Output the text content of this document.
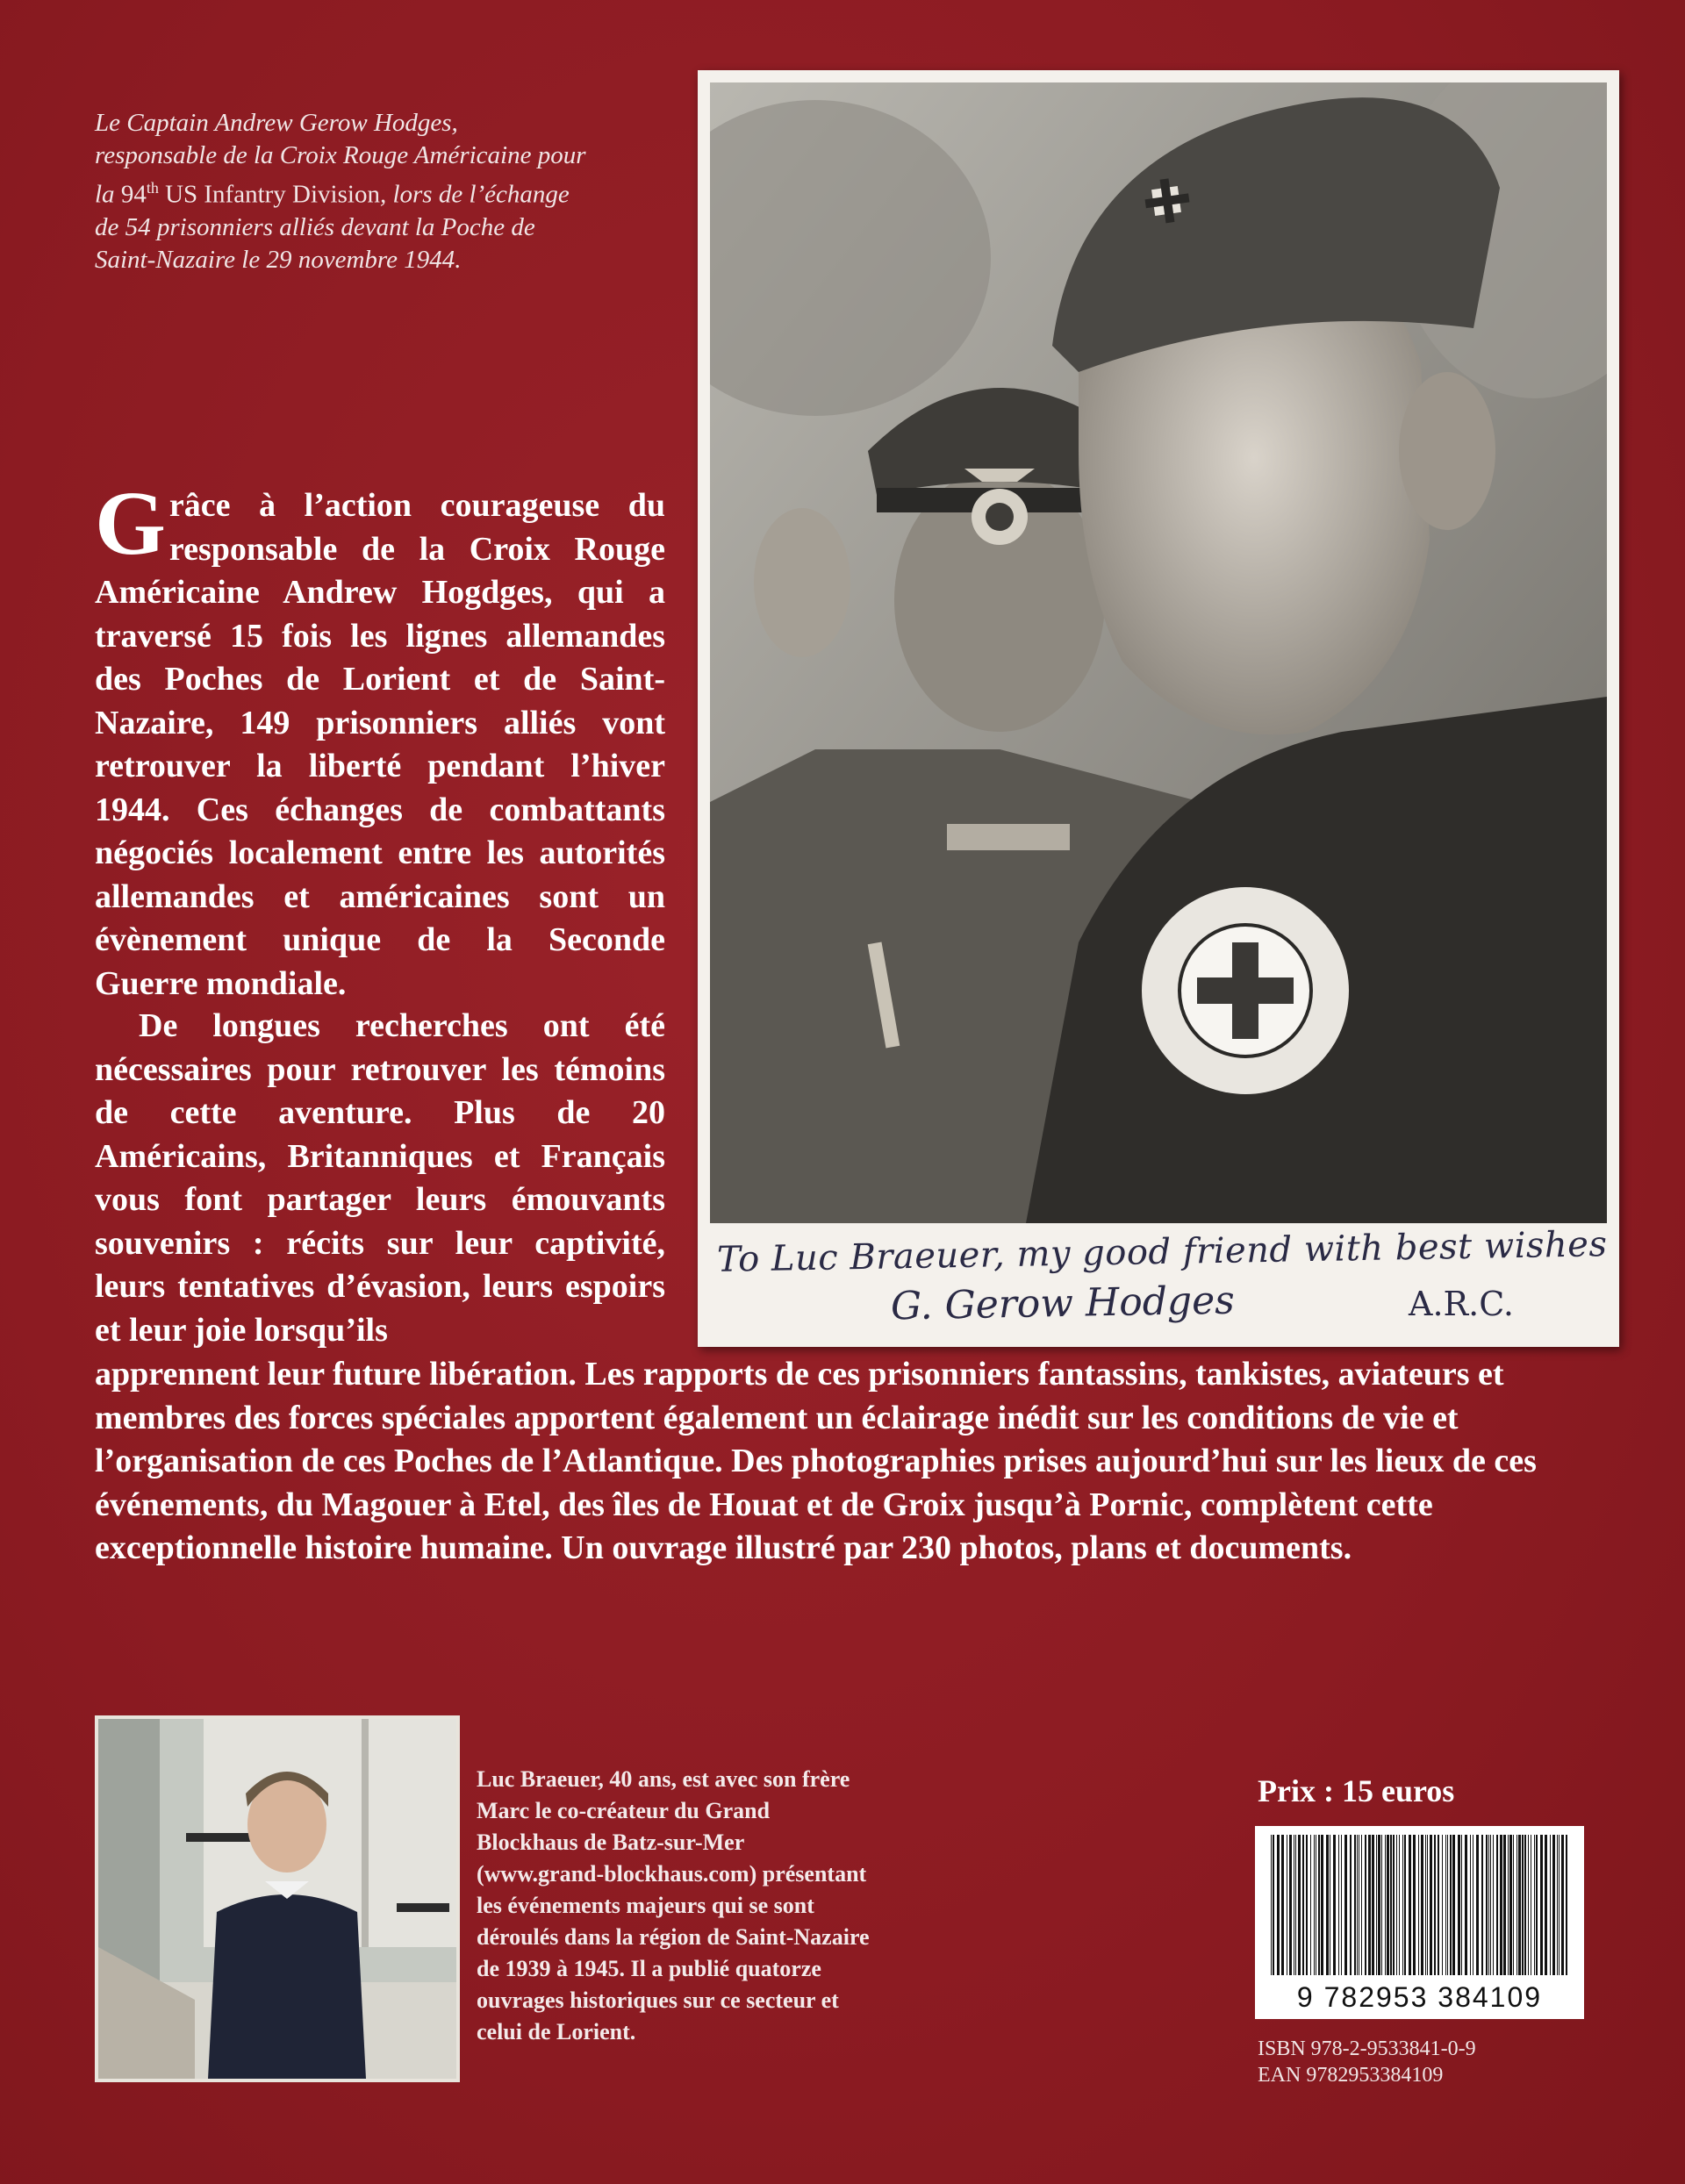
Le Captain Andrew Gerow Hodges, responsable de la Croix Rouge Américaine pour la 94th US Infantry Division, lors de l’échange de 54 prisonniers alliés devant la Poche de Saint-Nazaire le 29 novembre 1944.
To Luc Braeuer, my good friend with best wishes
G. Gerow Hodges	A.R.C.

Grâce à l’action courageuse du responsable de la Croix Rouge Américaine Andrew Hogdges, qui a traversé 15 fois les lignes allemandes des Poches de Lorient et de Saint-Nazaire, 149 prisonniers alliés vont retrouver la liberté pendant l’hiver 1944. Ces échanges de combattants négociés localement entre les autorités allemandes et américaines sont un évènement unique de la Seconde Guerre mondiale.

De longues recherches ont été nécessaires pour retrouver les témoins de cette aventure. Plus de 20 Américains, Britanniques et Français vous font partager leurs émouvants souvenirs : récits sur leur captivité, leurs tentatives d’évasion, leurs espoirs et leur joie lorsqu’ils

apprennent leur future libération. Les rapports de ces prisonniers fantassins, tankistes, aviateurs et membres des forces spéciales apportent également un éclairage inédit sur les conditions de vie et l’organisation de ces Poches de l’Atlantique. Des photographies prises aujourd’hui sur les lieux de ces événements, du Magouer à Etel, des îles de Houat et de Groix jusqu’à Pornic, complètent cette exceptionnelle histoire humaine. Un ouvrage illustré par 230 photos, plans et documents.

Luc Braeuer, 40 ans, est avec son frère Marc le co-créateur du Grand Blockhaus de Batz-sur-Mer (www.grand-blockhaus.com) présentant les événements majeurs qui se sont déroulés dans la région de Saint-Nazaire de 1939 à 1945. Il a publié quatorze ouvrages historiques sur ce secteur et celui de Lorient.

Prix : 15 euros
9 782953 384109
ISBN 978-2-9533841-0-9
EAN 9782953384109
